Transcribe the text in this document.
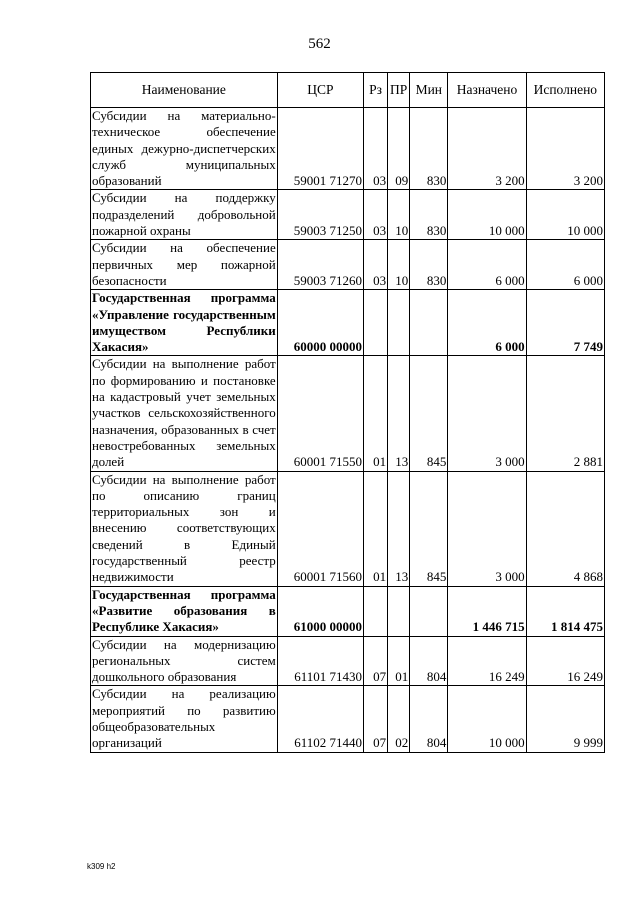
562
Наименование	ЦСР	Рз	ПР	Мин	Назначено	Исполнено
Субсидии на материально-техническое обеспечение единых дежурно-диспетчерских служб муниципальных образований	59001 71270	03	09	830	3 200	3 200
Субсидии на поддержку подразделений добровольной пожарной охраны	59003 71250	03	10	830	10 000	10 000
Субсидии на обеспечение первичных мер пожарной безопасности	59003 71260	03	10	830	6 000	6 000
Государственная программа «Управление государственным имуществом Республики Хакасия»	60000 00000				6 000	7 749
Субсидии на выполнение работ по формированию и постановке на кадастровый учет земельных участков сельскохозяйственного назначения, образованных в счет невостребованных земельных долей	60001 71550	01	13	845	3 000	2 881
Субсидии на выполнение работ по описанию границ территориальных зон и внесению соответствующих сведений в Единый государственный реестр недвижимости	60001 71560	01	13	845	3 000	4 868
Государственная программа «Развитие образования в Республике Хакасия»	61000 00000				1 446 715	1 814 475
Субсидии на модернизацию региональных систем дошкольного образования	61101 71430	07	01	804	16 249	16 249
Субсидии на реализацию мероприятий по развитию общеобразовательных организаций	61102 71440	07	02	804	10 000	9 999
k309 h2
